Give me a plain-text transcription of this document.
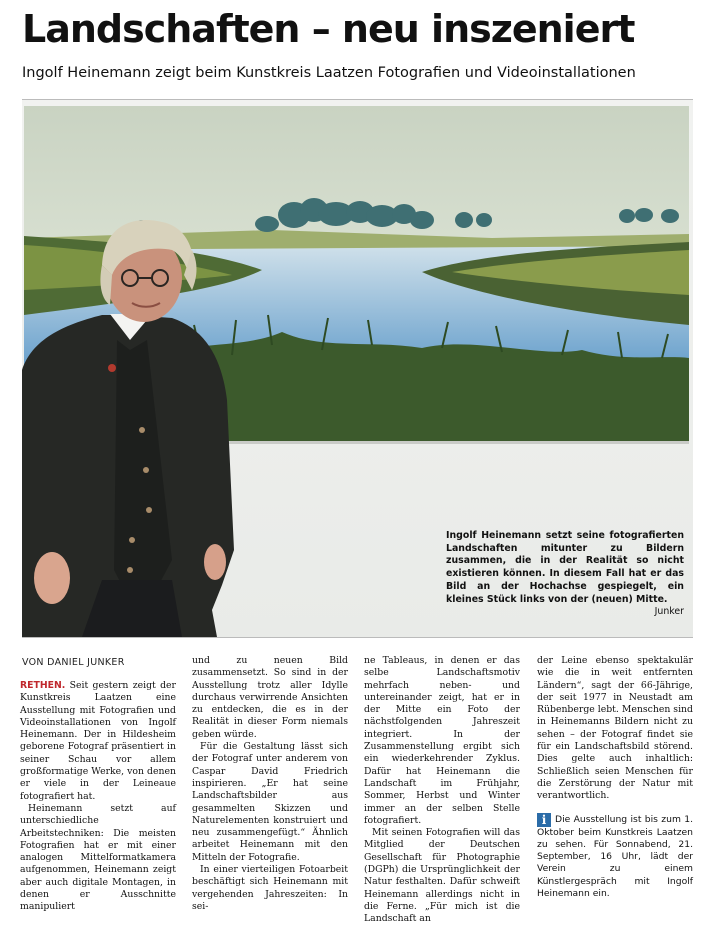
Landschaften – neu inszeniert
Ingolf Heinemann zeigt beim Kunstkreis Laatzen Fotografien und Videoinstallationen
Ingolf Heinemann setzt seine fotografierten Landschaften mitunter zu Bildern zusammen, die in der Realität so nicht existieren können. In diesem Fall hat er das Bild an der Hochachse gespiegelt, ein kleines Stück links von der (neuen) Mitte.
Junker
VON DANIEL JUNKER

RETHEN. Seit gestern zeigt der Kunstkreis Laatzen eine Ausstellung mit Fotografien und Videoinstallationen von Ingolf Heinemann. Der in Hildesheim geborene Fotograf präsentiert in seiner Schau vor allem großformatige Werke, von denen er viele in der Leineaue fotografiert hat.

Heinemann setzt auf unterschiedliche Arbeitstechniken: Die meisten Fotografien hat er mit einer analogen Mittelformatkamera aufgenommen, Heinemann zeigt aber auch digitale Montagen, in denen er Ausschnitte manipuliert

und zu neuen Bild zusammensetzt. So sind in der Ausstellung trotz aller Idylle durchaus verwirrende Ansichten zu entdecken, die es in der Realität in dieser Form niemals geben würde.

Für die Gestaltung lässt sich der Fotograf unter anderem von Caspar David Friedrich inspirieren. „Er hat seine Landschaftsbilder aus gesammelten Skizzen und Naturelementen konstruiert und neu zusammengefügt.“ Ähnlich arbeitet Heinemann mit den Mitteln der Fotografie.

In einer vierteiligen Fotoarbeit beschäftigt sich Heinemann mit vergehenden Jahreszeiten: In sei-

ne Tableaus, in denen er das selbe Landschaftsmotiv mehrfach neben- und untereinander zeigt, hat er in der Mitte ein Foto der nächstfolgenden Jahreszeit integriert. In der Zusammenstellung ergibt sich ein wiederkehrender Zyklus. Dafür hat Heinemann die Landschaft im Frühjahr, Sommer, Herbst und Winter immer an der selben Stelle fotografiert.

Mit seinen Fotografien will das Mitglied der Deutschen Gesellschaft für Photographie (DGPh) die Ursprünglichkeit der Natur festhalten. Dafür schweift Heinemann allerdings nicht in die Ferne. „Für mich ist die Landschaft an

der Leine ebenso spektakulär wie die in weit entfernten Ländern“, sagt der 66-Jährige, der seit 1977 in Neustadt am Rübenberge lebt. Menschen sind in Heinemanns Bildern nicht zu sehen – der Fotograf findet sie für ein Landschaftsbild störend. Dies gelte auch inhaltlich: Schließlich seien Menschen für die Zerstörung der Natur mit verantwortlich.

i Die Ausstellung ist bis zum 1. Oktober beim Kunstkreis Laatzen zu sehen. Für Sonnabend, 21. September, 16 Uhr, lädt der Verein zu einem Künstlergespräch mit Ingolf Heinemann ein.
